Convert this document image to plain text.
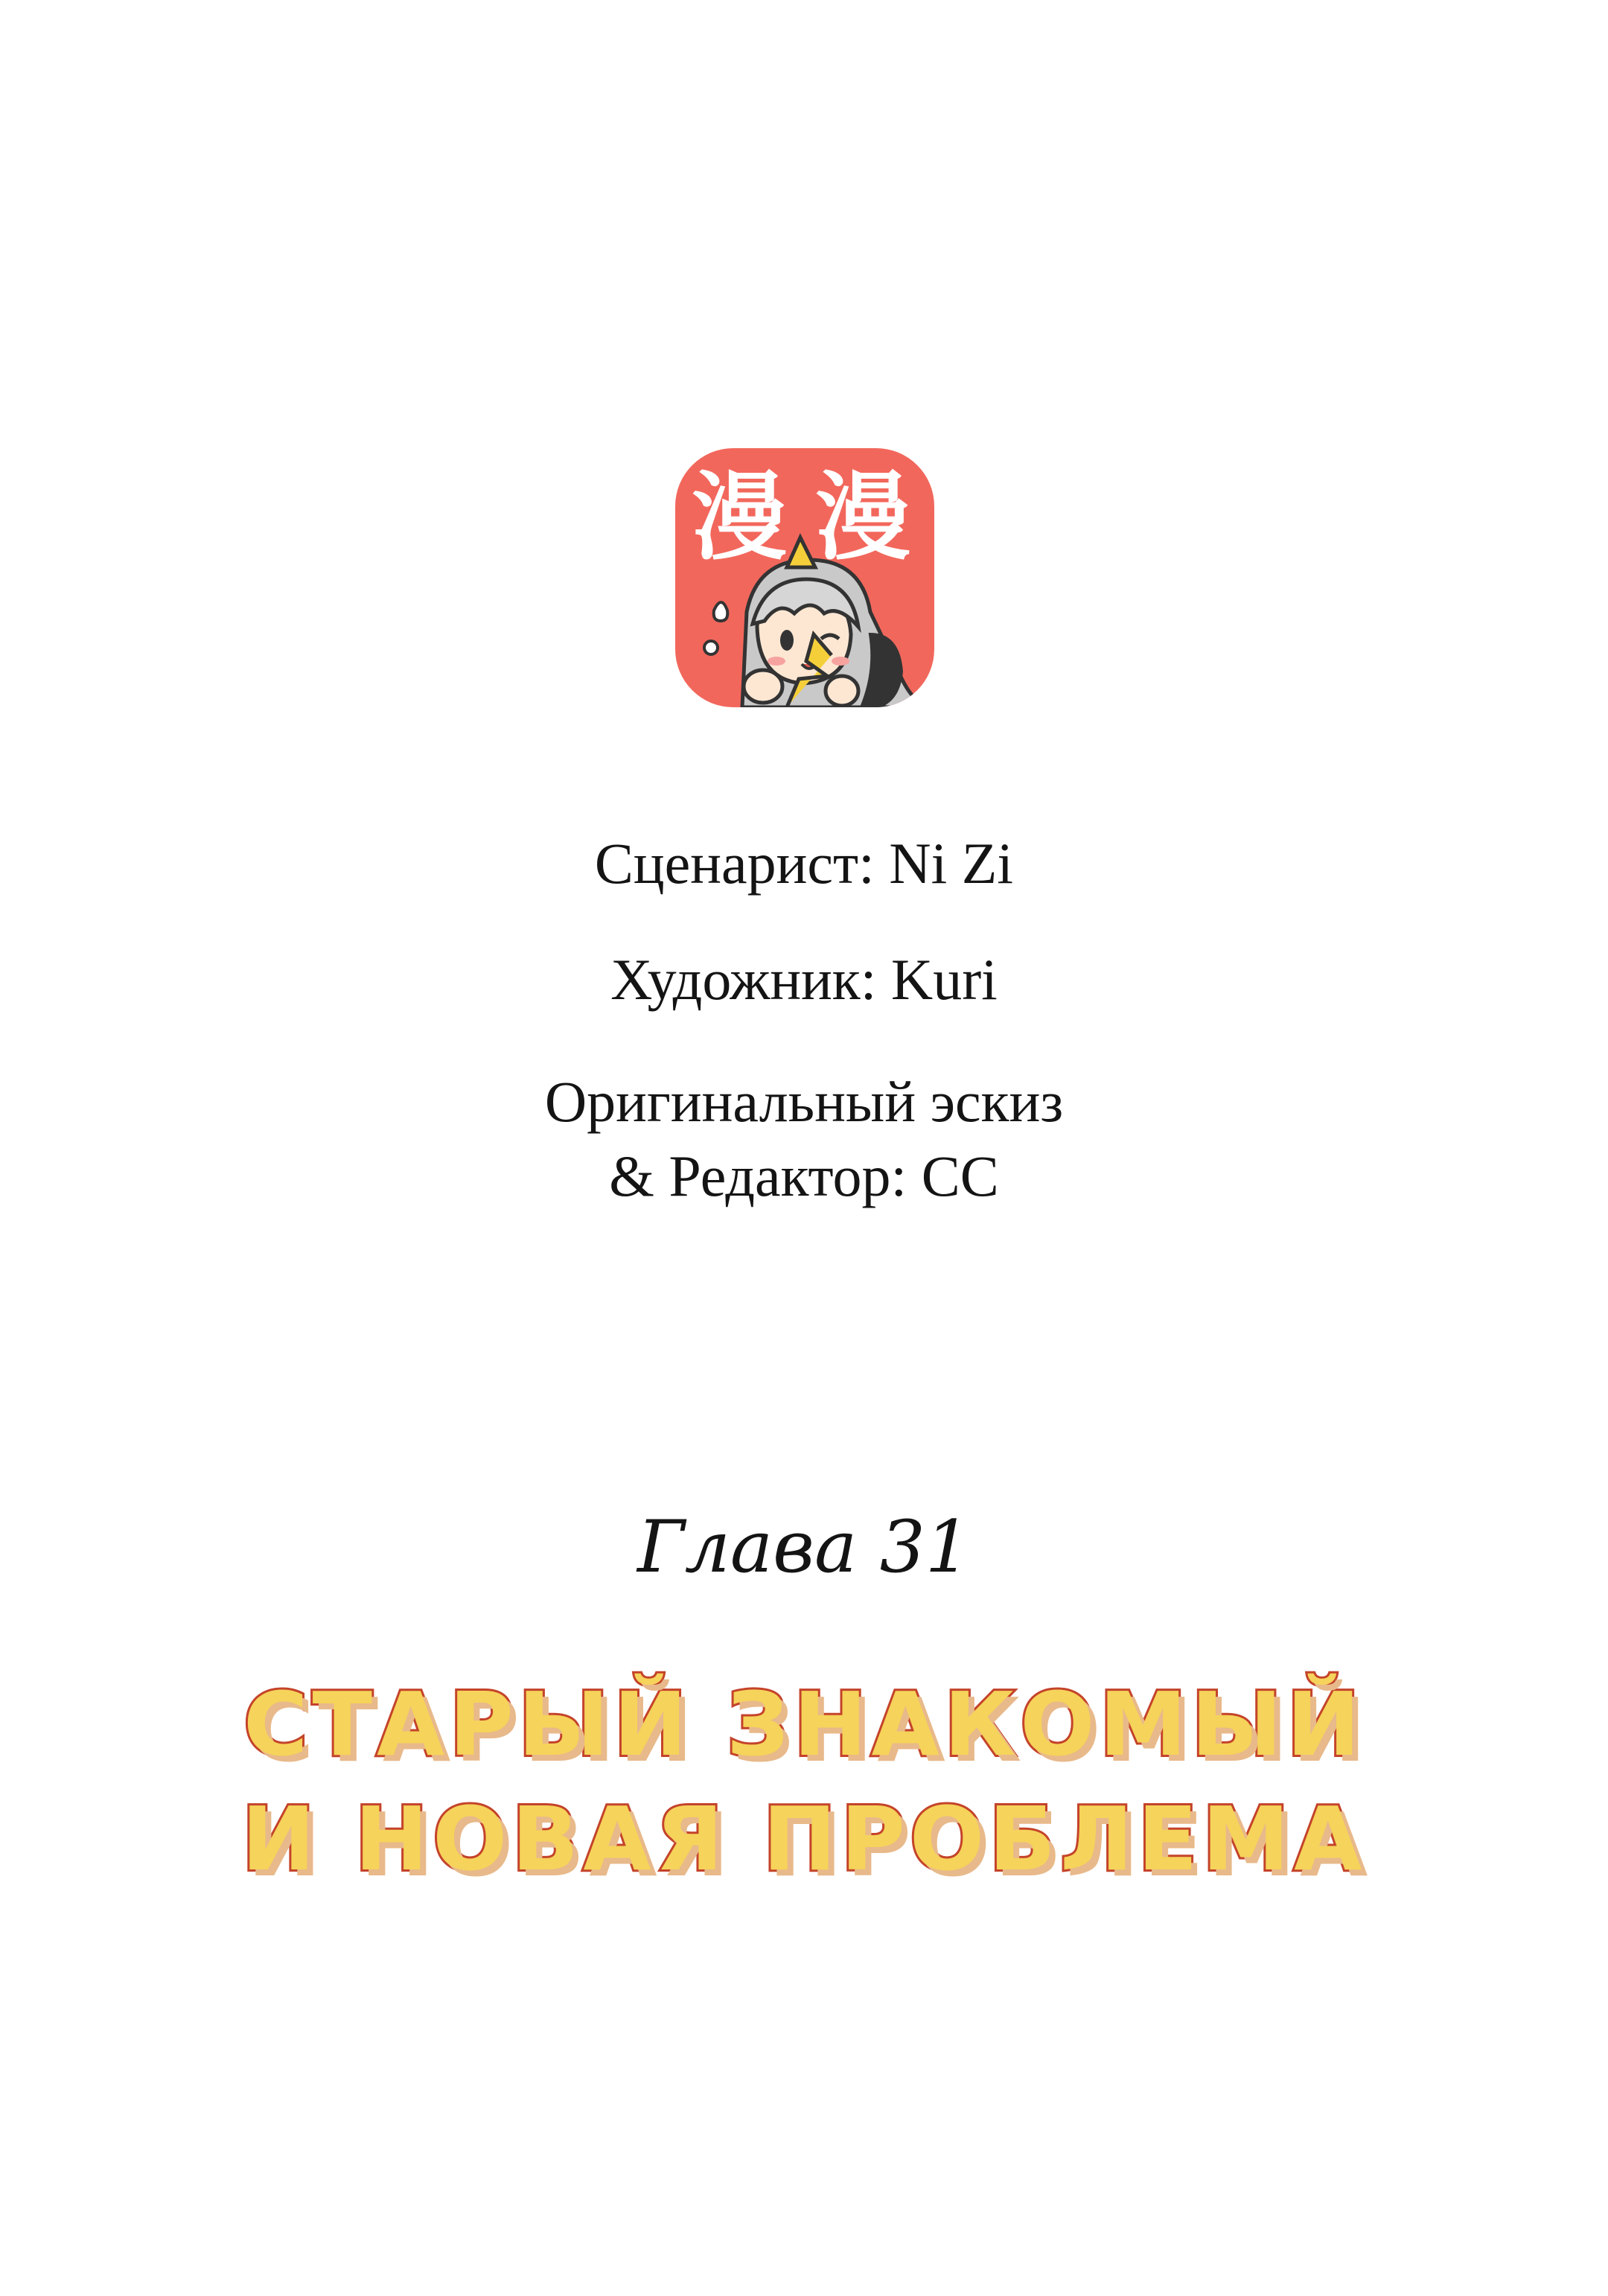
漫 漫

Сценарист: Ni Zi

Художник: Kuri

Оригинальный эскиз

& Редактор: CC

Глава 31

СТАРЫЙ ЗНАКОМЫЙ

И НОВАЯ ПРОБЛЕМА
